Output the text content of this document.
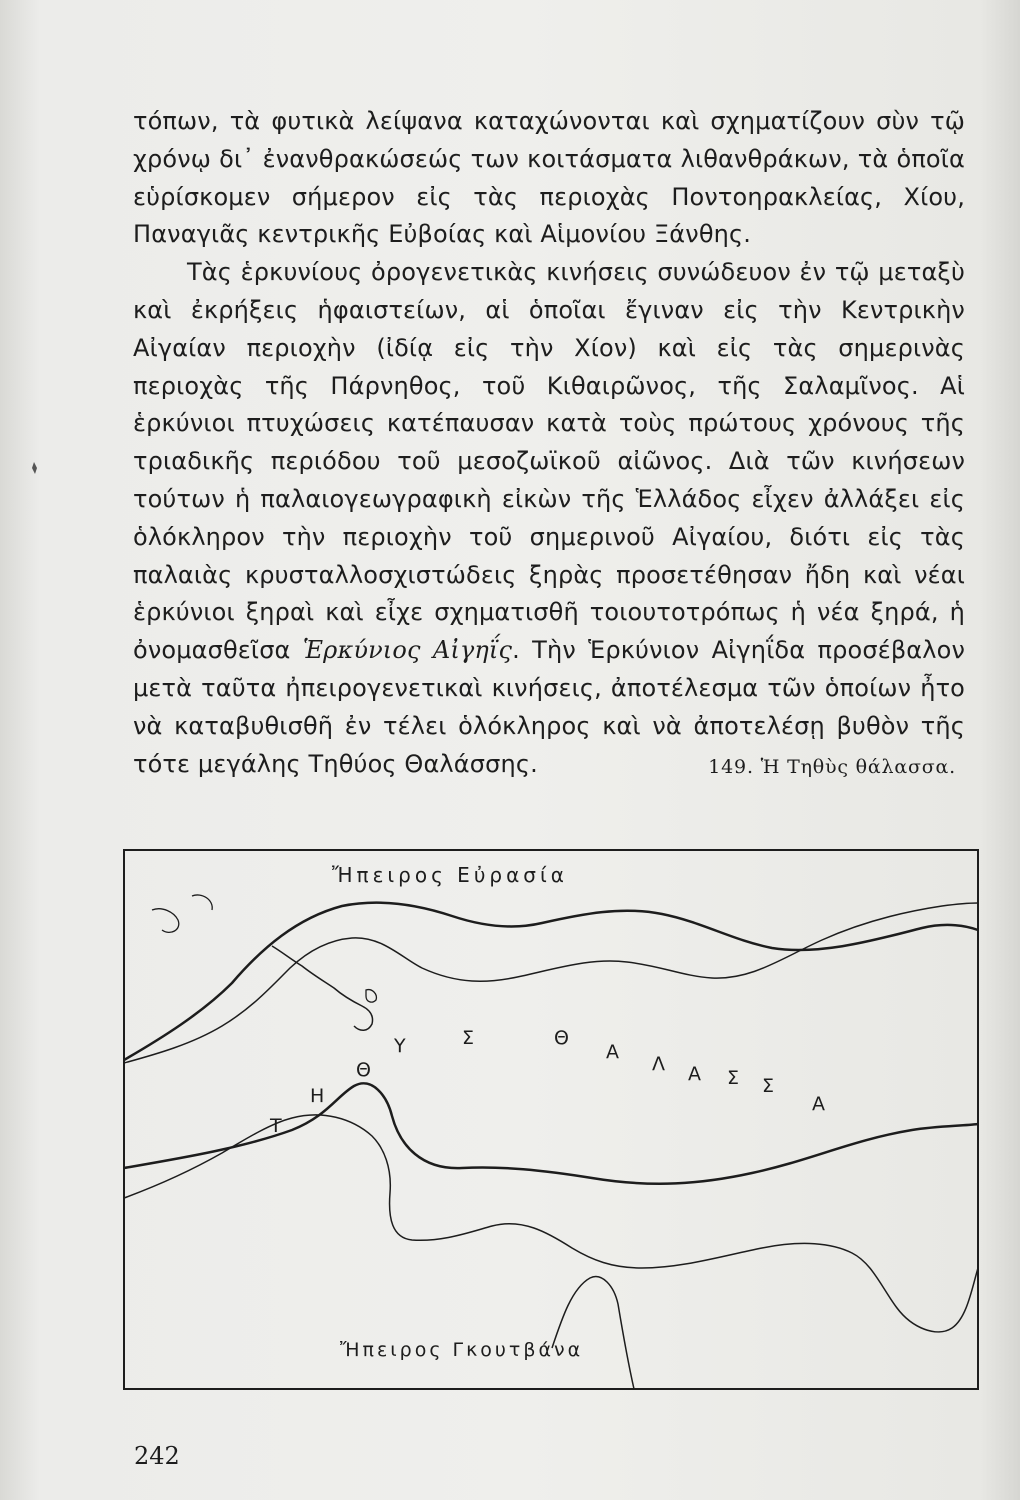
τόπων, τὰ φυτικὰ λείψανα καταχώνονται καὶ σχηματίζουν σὺν τῷ χρόνῳ δι᾽ ἐνανθρακώσεώς των κοιτάσματα λιθανθράκων, τὰ ὁποῖα εὑρίσκομεν σήμερον εἰς τὰς περιοχὰς Ποντοηρακλείας, Χίου, Παναγιᾶς κεντρικῆς Εὐβοίας καὶ Αἱμονίου Ξάνθης.

Τὰς ἑρκυνίους ὀρογενετικὰς κινήσεις συνώδευον ἐν τῷ μεταξὺ καὶ ἐκρήξεις ἡφαιστείων, αἱ ὁποῖαι ἔγιναν εἰς τὴν Κεντρικὴν Αἰγαίαν περιοχὴν (ἰδίᾳ εἰς τὴν Χίον) καὶ εἰς τὰς σημερινὰς περιοχὰς τῆς Πάρνηθος, τοῦ Κιθαιρῶνος, τῆς Σαλαμῖνος. Αἱ ἑρκύνιοι πτυχώσεις κατέπαυσαν κατὰ τοὺς πρώτους χρόνους τῆς τριαδικῆς περιόδου τοῦ μεσοζωϊκοῦ αἰῶνος. Διὰ τῶν κινήσεων τούτων ἡ παλαιογεωγραφικὴ εἰκὼν τῆς Ἑλλάδος εἶχεν ἀλλάξει εἰς ὁλόκληρον τὴν περιοχὴν τοῦ σημερινοῦ Αἰγαίου, διότι εἰς τὰς παλαιὰς κρυσταλλοσχιστώδεις ξηρὰς προσετέθησαν ἤδη καὶ νέαι ἑρκύνιοι ξηραὶ καὶ εἶχε σχηματισθῆ τοιουτοτρόπως ἡ νέα ξηρά, ἡ ὀνομασθεῖσα Ἑρκύνιος Αἰγηΐς. Τὴν Ἑρκύνιον Αἰγηΐδα προσέβαλον μετὰ ταῦτα ἠπειρογενετικαὶ κινήσεις, ἀποτέλεσμα τῶν ὁποίων ἦτο νὰ καταβυθισθῆ ἐν τέλει ὁλόκληρος καὶ νὰ ἀποτελέσῃ βυθὸν τῆς τότε μεγάλης Τηθύος Θαλάσσης.	149. Ἡ Τηθὺς θάλασσα.
Ἤπειρος Εὐρασία
Ἤπειρος Γκουτβάνα
Τ
Η
Θ
Υ	Σ	Θ
Α
Λ Α Σ Σ
Α
242
